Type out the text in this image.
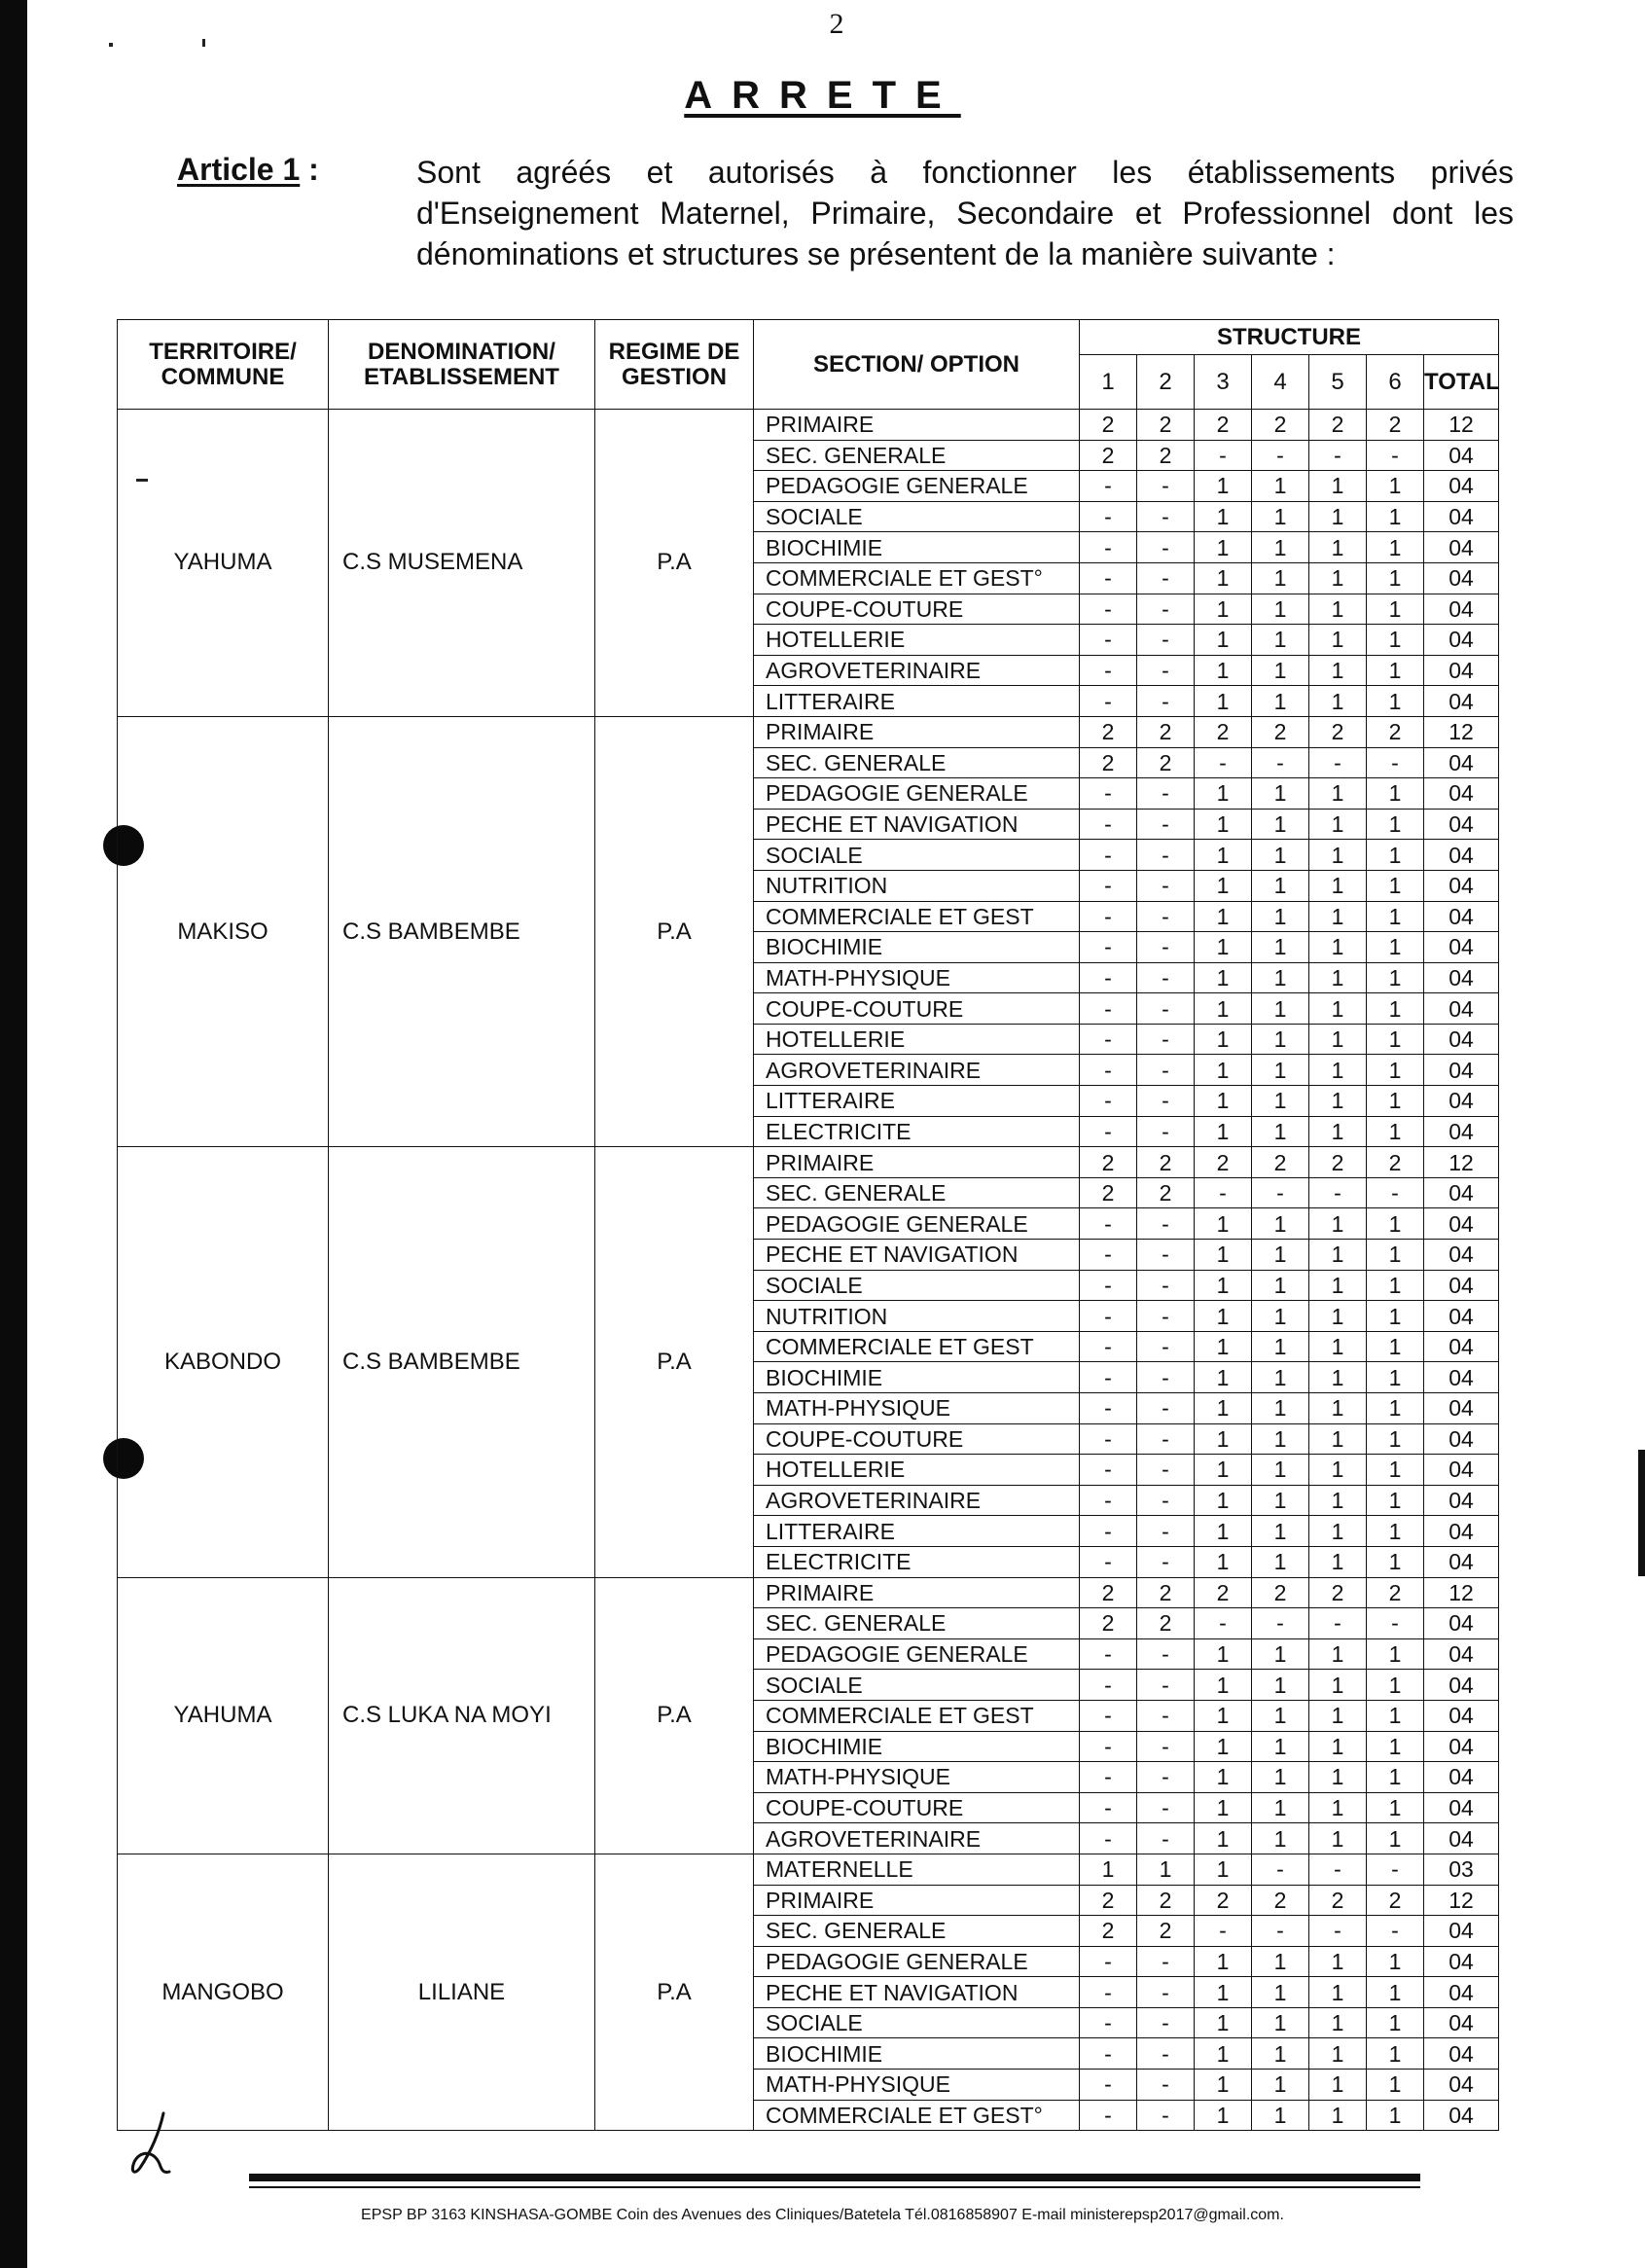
2
ARRETE
Article 1 :	Sont agréés et autorisés à fonctionner les établissements privés d'Enseignement Maternel, Primaire, Secondaire et Professionnel dont les dénominations et structures se présentent de la manière suivante :
TERRITOIRE/ COMMUNE	DENOMINATION/ ETABLISSEMENT	REGIME DE GESTION	SECTION/ OPTION	STRUCTURE						
				1	2	3	4	5	6	TOTAL
YAHUMA	C.S MUSEMENA	P.A	PRIMAIRE	2	2	2	2	2	2	12
			SEC. GENERALE	2	2	-	-	-	-	04
			PEDAGOGIE GENERALE	-	-	1	1	1	1	04
			SOCIALE	-	-	1	1	1	1	04
			BIOCHIMIE	-	-	1	1	1	1	04
			COMMERCIALE ET GEST°	-	-	1	1	1	1	04
			COUPE-COUTURE	-	-	1	1	1	1	04
			HOTELLERIE	-	-	1	1	1	1	04
			AGROVETERINAIRE	-	-	1	1	1	1	04
			LITTERAIRE	-	-	1	1	1	1	04
MAKISO	C.S BAMBEMBE	P.A	PRIMAIRE	2	2	2	2	2	2	12
			SEC. GENERALE	2	2	-	-	-	-	04
			PEDAGOGIE GENERALE	-	-	1	1	1	1	04
			PECHE ET NAVIGATION	-	-	1	1	1	1	04
			SOCIALE	-	-	1	1	1	1	04
			NUTRITION	-	-	1	1	1	1	04
			COMMERCIALE ET GEST	-	-	1	1	1	1	04
			BIOCHIMIE	-	-	1	1	1	1	04
			MATH-PHYSIQUE	-	-	1	1	1	1	04
			COUPE-COUTURE	-	-	1	1	1	1	04
			HOTELLERIE	-	-	1	1	1	1	04
			AGROVETERINAIRE	-	-	1	1	1	1	04
			LITTERAIRE	-	-	1	1	1	1	04
			ELECTRICITE	-	-	1	1	1	1	04
KABONDO	C.S BAMBEMBE	P.A	PRIMAIRE	2	2	2	2	2	2	12
			SEC. GENERALE	2	2	-	-	-	-	04
			PEDAGOGIE GENERALE	-	-	1	1	1	1	04
			PECHE ET NAVIGATION	-	-	1	1	1	1	04
			SOCIALE	-	-	1	1	1	1	04
			NUTRITION	-	-	1	1	1	1	04
			COMMERCIALE ET GEST	-	-	1	1	1	1	04
			BIOCHIMIE	-	-	1	1	1	1	04
			MATH-PHYSIQUE	-	-	1	1	1	1	04
			COUPE-COUTURE	-	-	1	1	1	1	04
			HOTELLERIE	-	-	1	1	1	1	04
			AGROVETERINAIRE	-	-	1	1	1	1	04
			LITTERAIRE	-	-	1	1	1	1	04
			ELECTRICITE	-	-	1	1	1	1	04
YAHUMA	C.S LUKA NA MOYI	P.A	PRIMAIRE	2	2	2	2	2	2	12
			SEC. GENERALE	2	2	-	-	-	-	04
			PEDAGOGIE GENERALE	-	-	1	1	1	1	04
			SOCIALE	-	-	1	1	1	1	04
			COMMERCIALE ET GEST	-	-	1	1	1	1	04
			BIOCHIMIE	-	-	1	1	1	1	04
			MATH-PHYSIQUE	-	-	1	1	1	1	04
			COUPE-COUTURE	-	-	1	1	1	1	04
			AGROVETERINAIRE	-	-	1	1	1	1	04
MANGOBO	LILIANE	P.A	MATERNELLE	1	1	1	-	-	-	03
			PRIMAIRE	2	2	2	2	2	2	12
			SEC. GENERALE	2	2	-	-	-	-	04
			PEDAGOGIE GENERALE	-	-	1	1	1	1	04
			PECHE ET NAVIGATION	-	-	1	1	1	1	04
			SOCIALE	-	-	1	1	1	1	04
			BIOCHIMIE	-	-	1	1	1	1	04
			MATH-PHYSIQUE	-	-	1	1	1	1	04
			COMMERCIALE ET GEST°	-	-	1	1	1	1	04
EPSP BP 3163 KINSHASA-GOMBE Coin des Avenues des Cliniques/Batetela Tél.0816858907 E-mail ministerepsp2017@gmail.com.
